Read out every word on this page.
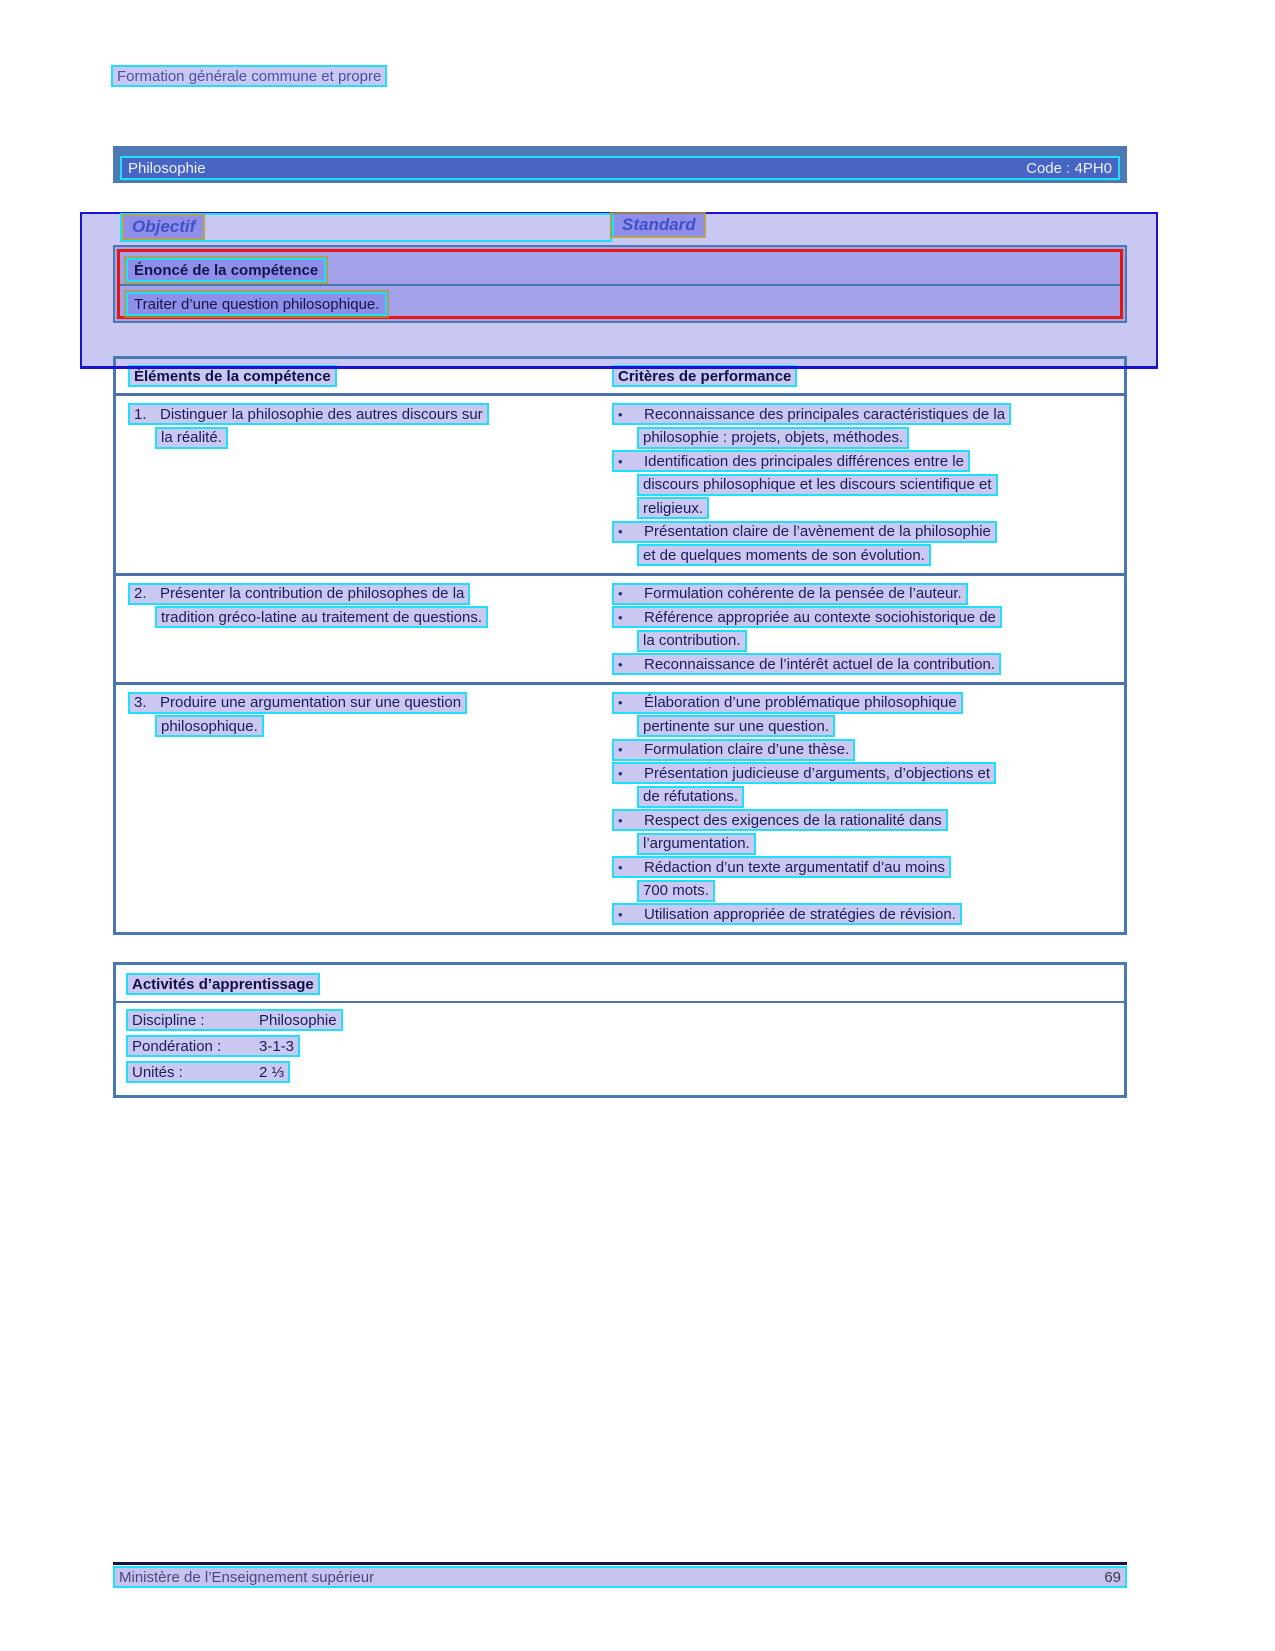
Formation générale commune et propre
Philosophie	Code : 4PH0
Objectif	Standard
Énoncé de la compétence
Traiter d’une question philosophique.
Éléments de la compétence	Critères de performance
1. Distinguer la philosophie des autres discours sur
la réalité.
•	Reconnaissance des principales caractéristiques de la
philosophie : projets, objets, méthodes.
•	Identification des principales différences entre le
discours philosophique et les discours scientifique et
religieux.
•	Présentation claire de l’avènement de la philosophie
et de quelques moments de son évolution.
2. Présenter la contribution de philosophes de la
tradition gréco-latine au traitement de questions.
•	Formulation cohérente de la pensée de l’auteur.
•	Référence appropriée au contexte sociohistorique de
la contribution.
•	Reconnaissance de l’intérêt actuel de la contribution.
3. Produire une argumentation sur une question
philosophique.
•	Élaboration d’une problématique philosophique
pertinente sur une question.
•	Formulation claire d’une thèse.
•	Présentation judicieuse d’arguments, d’objections et
de réfutations.
•	Respect des exigences de la rationalité dans
l’argumentation.
•	Rédaction d’un texte argumentatif d’au moins
700 mots.
•	Utilisation appropriée de stratégies de révision.
Activités d’apprentissage
Discipline :	Philosophie
Pondération :	3-1-3
Unités :	2 ⅓
Ministère de l’Enseignement supérieur	69
